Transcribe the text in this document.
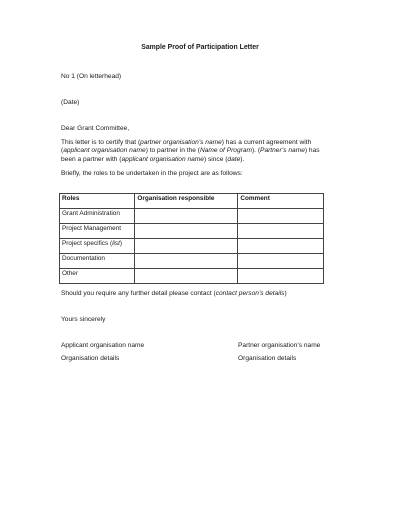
Sample Proof of Participation Letter
No 1 (On letterhead)
(Date)
Dear Grant Committee,
This letter is to certify that (partner organisation’s name) has a current agreement with (applicant organisation name) to partner in the (Name of Program). (Partner’s name) has been a partner with (applicant organisation name) since (date).
Briefly, the roles to be undertaken in the project are as follows:
Roles	Organisation responsible	Comment
Grant Administration		
Project Management		
Project specifics (list)		
Documentation		
Other		
Should you require any further detail please contact (contact person’s details)
Yours sincerely
Applicant organisation name
Organisation details
Partner organisation’s name
Organisation details
